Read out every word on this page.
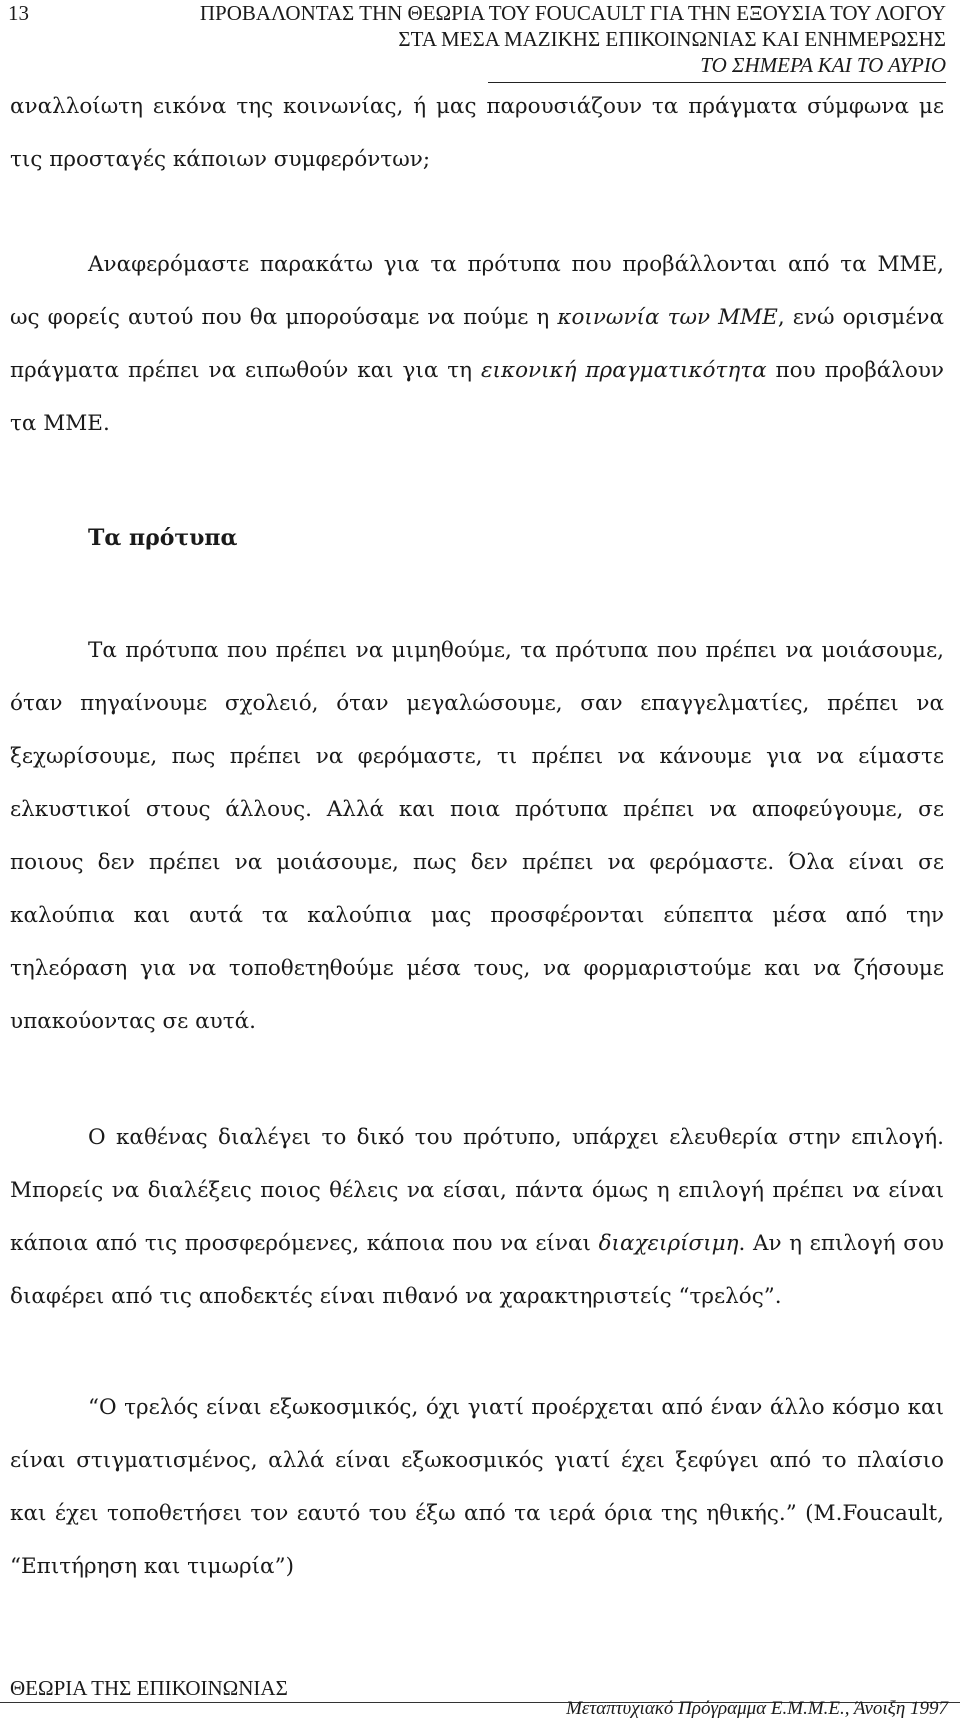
13	ΠΡΟΒΑΛΟΝΤΑΣ ΤΗΝ ΘΕΩΡΙΑ ΤΟΥ FOUCAULT ΓΙΑ ΤΗΝ ΕΞΟΥΣΙΑ ΤΟΥ ΛΟΓΟΥ
ΣΤΑ ΜΕΣΑ ΜΑΖΙΚΗΣ ΕΠΙΚΟΙΝΩΝΙΑΣ ΚΑΙ ΕΝΗΜΕΡΩΣΗΣ
ΤΟ ΣΗΜΕΡΑ ΚΑΙ ΤΟ ΑΥΡΙΟ

αναλλοίωτη εικόνα της κοινωνίας, ή μας παρουσιάζουν τα πράγματα σύμφωνα με τις προσταγές κάποιων συμφερόντων;

Αναφερόμαστε παρακάτω για τα πρότυπα που προβάλλονται από τα ΜΜΕ, ως φορείς αυτού που θα μπορούσαμε να πούμε η κοινωνία των ΜΜΕ, ενώ ορισμένα πράγματα πρέπει να ειπωθούν και για τη εικονική πραγματικότητα που προβάλουν τα ΜΜΕ.

Τα πρότυπα

Τα πρότυπα που πρέπει να μιμηθούμε, τα πρότυπα που πρέπει να μοιάσουμε, όταν πηγαίνουμε σχολειό, όταν μεγαλώσουμε, σαν επαγγελματίες, πρέπει να ξεχωρίσουμε, πως πρέπει να φερόμαστε, τι πρέπει να κάνουμε για να είμαστε ελκυστικοί στους άλλους. Αλλά και ποια πρότυπα πρέπει να αποφεύγουμε, σε ποιους δεν πρέπει να μοιάσουμε, πως δεν πρέπει να φερόμαστε. Όλα είναι σε καλούπια και αυτά τα καλούπια μας προσφέρονται εύπεπτα μέσα από την τηλεόραση για να τοποθετηθούμε μέσα τους, να φορμαριστούμε και να ζήσουμε υπακούοντας σε αυτά.

Ο καθένας διαλέγει το δικό του πρότυπο, υπάρχει ελευθερία στην επιλογή. Μπορείς να διαλέξεις ποιος θέλεις να είσαι, πάντα όμως η επιλογή πρέπει να είναι κάποια από τις προσφερόμενες, κάποια που να είναι διαχειρίσιμη. Αν η επιλογή σου διαφέρει από τις αποδεκτές είναι πιθανό να χαρακτηριστείς “τρελός”.

“Ο τρελός είναι εξωκοσμικός, όχι γιατί προέρχεται από έναν άλλο κόσμο και είναι στιγματισμένος, αλλά είναι εξωκοσμικός γιατί έχει ξεφύγει από το πλαίσιο και έχει τοποθετήσει τον εαυτό του έξω από τα ιερά όρια της ηθικής.” (M.Foucault, “Επιτήρηση και τιμωρία”)

ΘΕΩΡΙΑ ΤΗΣ ΕΠΙΚΟΙΝΩΝΙΑΣ
Μεταπτυχιακό Πρόγραμμα Ε.Μ.Μ.Ε., Άνοιξη 1997
